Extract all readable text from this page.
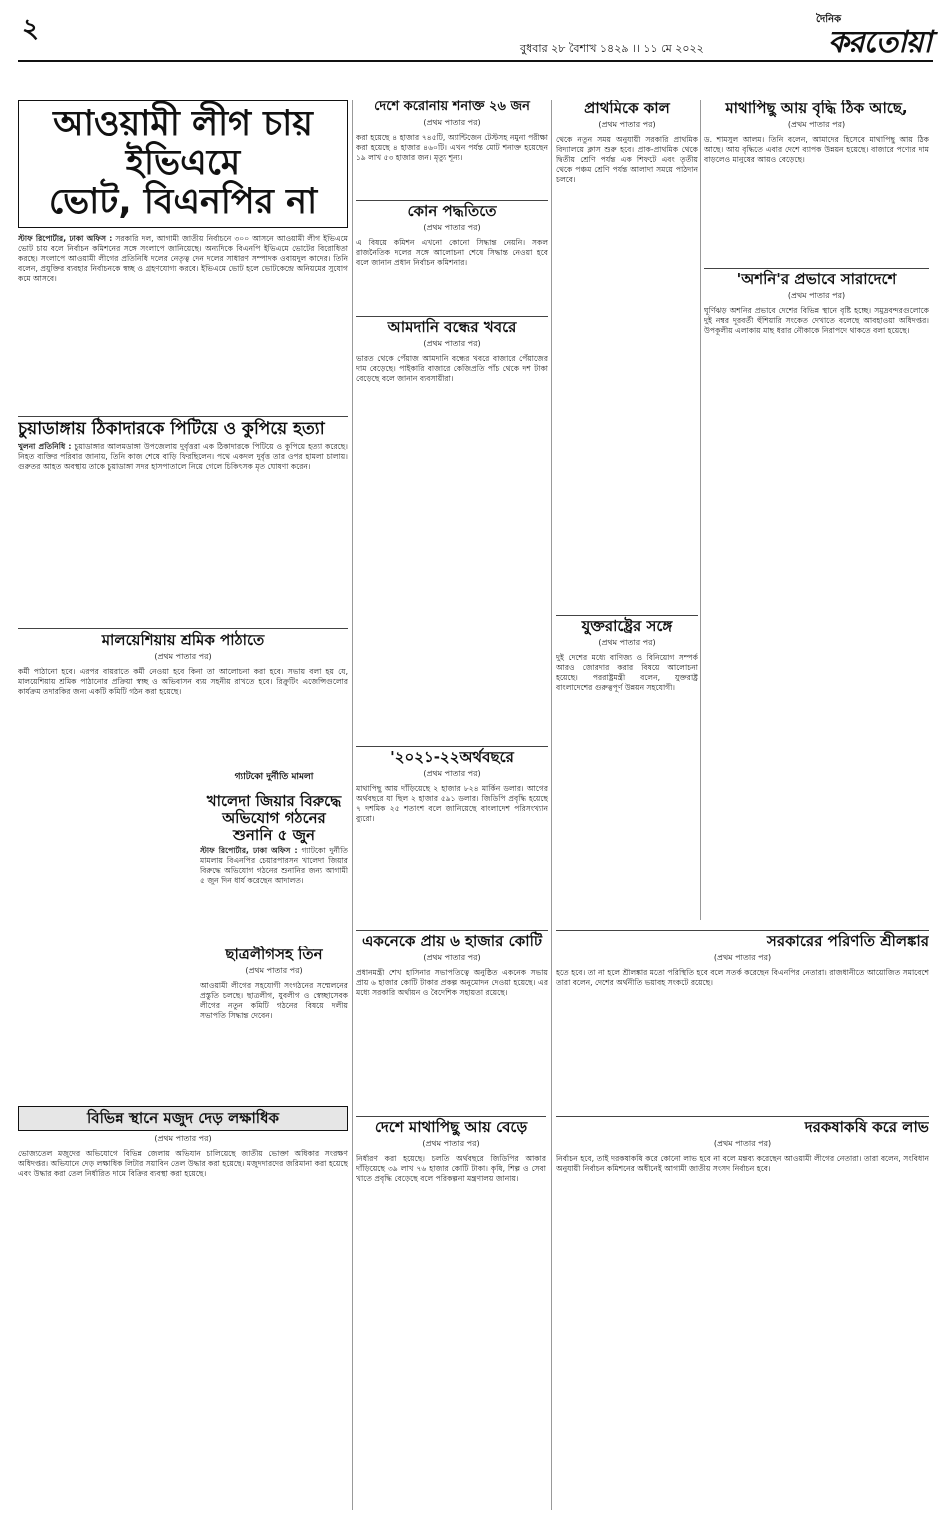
২
বুধবার ২৮ বৈশাখ ১৪২৯ ।। ১১ মে ২০২২
দৈনিক
করতোয়া

আওয়ামী লীগ চায় ইভিএমে

ভোট, বিএনপির না

স্টাফ রিপোর্টার, ঢাকা অফিস : সরকারি দল, আগামী জাতীয় নির্বাচনে ৩০০ আসনে আওয়ামী লীগ ইভিএমে ভোট চায় বলে নির্বাচন কমিশনের সঙ্গে সংলাপে জানিয়েছে। অন্যদিকে বিএনপি ইভিএমে ভোটের বিরোধিতা করছে। সংলাপে আওয়ামী লীগের প্রতিনিধি দলের নেতৃত্ব দেন দলের সাধারণ সম্পাদক ওবায়দুল কাদের। তিনি বলেন, প্রযুক্তির ব্যবহার নির্বাচনকে স্বচ্ছ ও গ্রহণযোগ্য করবে। ইভিএমে ভোট হলে ভোটকেন্দ্রে অনিয়মের সুযোগ কমে আসবে।

চুয়াডাঙ্গায় ঠিকাদারকে পিটিয়ে ও কুপিয়ে হত্যা

খুলনা প্রতিনিধি : চুয়াডাঙ্গার আলমডাঙ্গা উপজেলায় দুর্বৃত্তরা এক ঠিকাদারকে পিটিয়ে ও কুপিয়ে হত্যা করেছে। নিহত ব্যক্তির পরিবার জানায়, তিনি কাজ শেষে বাড়ি ফিরছিলেন। পথে একদল দুর্বৃত্ত তার ওপর হামলা চালায়। গুরুতর আহত অবস্থায় তাকে চুয়াডাঙ্গা সদর হাসপাতালে নিয়ে গেলে চিকিৎসক মৃত ঘোষণা করেন।

মালয়েশিয়ায় শ্রমিক পাঠাতে

(প্রথম পাতার পর)

কর্মী পাঠানো হবে। এরপর বায়রাতে কর্মী নেওয়া হবে কিনা তা আলোচনা করা হবে। সভায় বলা হয় যে, মালয়েশিয়ায় শ্রমিক পাঠানোর প্রক্রিয়া স্বচ্ছ ও অভিবাসন ব্যয় সহনীয় রাখতে হবে। রিক্রুটিং এজেন্সিগুলোর কার্যক্রম তদারকির জন্য একটি কমিটি গঠন করা হয়েছে।

গ্যাটকো দুর্নীতি মামলা

খালেদা জিয়ার বিরুদ্ধে অভিযোগ গঠনের শুনানি ৫ জুন

স্টাফ রিপোর্টার, ঢাকা অফিস : গ্যাটকো দুর্নীতি মামলায় বিএনপির চেয়ারপারসন খালেদা জিয়ার বিরুদ্ধে অভিযোগ গঠনের শুনানির জন্য আগামী ৫ জুন দিন ধার্য করেছেন আদালত।

ছাত্রলীগসহ তিন

(প্রথম পাতার পর)

আওয়ামী লীগের সহযোগী সংগঠনের সম্মেলনের প্রস্তুতি চলছে। ছাত্রলীগ, যুবলীগ ও স্বেচ্ছাসেবক লীগের নতুন কমিটি গঠনের বিষয়ে দলীয় সভাপতি সিদ্ধান্ত দেবেন।

বিভিন্ন স্থানে মজুদ দেড় লক্ষাধিক

(প্রথম পাতার পর)

ভোজ্যতেল মজুদের অভিযোগে বিভিন্ন জেলায় অভিযান চালিয়েছে জাতীয় ভোক্তা অধিকার সংরক্ষণ অধিদপ্তর। অভিযানে দেড় লক্ষাধিক লিটার সয়াবিন তেল উদ্ধার করা হয়েছে। মজুদদারদের জরিমানা করা হয়েছে এবং উদ্ধার করা তেল নির্ধারিত দামে বিক্রির ব্যবস্থা করা হয়েছে।

দেশে করোনায় শনাক্ত ২৬ জন

(প্রথম পাতার পর)

করা হয়েছে ৪ হাজার ৭৪৫টি, অ্যান্টিজেন টেস্টসহ নমুনা পরীক্ষা করা হয়েছে ৪ হাজার ৪৬০টি। এখন পর্যন্ত মোট শনাক্ত হয়েছেন ১৯ লাখ ৫৩ হাজার জন। মৃত্যু শূন্য।

কোন পদ্ধতিতে

(প্রথম পাতার পর)

এ বিষয়ে কমিশন এখনো কোনো সিদ্ধান্ত নেয়নি। সকল রাজনৈতিক দলের সঙ্গে আলোচনা শেষে সিদ্ধান্ত নেওয়া হবে বলে জানান প্রধান নির্বাচন কমিশনার।

আমদানি বন্ধের খবরে

(প্রথম পাতার পর)

ভারত থেকে পেঁয়াজ আমদানি বন্ধের খবরে বাজারে পেঁয়াজের দাম বেড়েছে। পাইকারি বাজারে কেজিপ্রতি পাঁচ থেকে দশ টাকা বেড়েছে বলে জানান ব্যবসায়ীরা।

'২০২১-২২অর্থবছরে

(প্রথম পাতার পর)

মাথাপিছু আয় দাঁড়িয়েছে ২ হাজার ৮২৪ মার্কিন ডলার। আগের অর্থবছরে যা ছিল ২ হাজার ৫৯১ ডলার। জিডিপি প্রবৃদ্ধি হয়েছে ৭ দশমিক ২৫ শতাংশ বলে জানিয়েছে বাংলাদেশ পরিসংখ্যান ব্যুরো।

একনেকে প্রায় ৬ হাজার কোটি

(প্রথম পাতার পর)

প্রধানমন্ত্রী শেখ হাসিনার সভাপতিত্বে অনুষ্ঠিত একনেক সভায় প্রায় ৬ হাজার কোটি টাকার প্রকল্প অনুমোদন দেওয়া হয়েছে। এর মধ্যে সরকারি অর্থায়ন ও বৈদেশিক সহায়তা রয়েছে।

দেশে মাথাপিছু আয় বেড়ে

(প্রথম পাতার পর)

নির্ধারণ করা হয়েছে। চলতি অর্থবছরে জিডিপির আকার দাঁড়িয়েছে ৩৯ লাখ ৭৬ হাজার কোটি টাকা। কৃষি, শিল্প ও সেবা খাতে প্রবৃদ্ধি বেড়েছে বলে পরিকল্পনা মন্ত্রণালয় জানায়।

প্রাথমিকে কাল

(প্রথম পাতার পর)

থেকে নতুন সময় অনুযায়ী সরকারি প্রাথমিক বিদ্যালয়ে ক্লাস শুরু হবে। প্রাক-প্রাথমিক থেকে দ্বিতীয় শ্রেণি পর্যন্ত এক শিফটে এবং তৃতীয় থেকে পঞ্চম শ্রেণি পর্যন্ত আলাদা সময়ে পাঠদান চলবে।

যুক্তরাষ্ট্রের সঙ্গে

(প্রথম পাতার পর)

দুই দেশের মধ্যে বাণিজ্য ও বিনিয়োগ সম্পর্ক আরও জোরদার করার বিষয়ে আলোচনা হয়েছে। পররাষ্ট্রমন্ত্রী বলেন, যুক্তরাষ্ট্র বাংলাদেশের গুরুত্বপূর্ণ উন্নয়ন সহযোগী।

মাথাপিছু আয় বৃদ্ধি ঠিক আছে,

(প্রথম পাতার পর)

ড. শামসুল আলম। তিনি বলেন, আমাদের হিসেবে মাথাপিছু আয় ঠিক আছে। আয় বৃদ্ধিতে এবার দেশে ব্যাপক উন্নয়ন হয়েছে। বাজারে পণ্যের দাম বাড়লেও মানুষের আয়ও বেড়েছে।

'অশনি'র প্রভাবে সারাদেশে

(প্রথম পাতার পর)

ঘূর্ণিঝড় অশনির প্রভাবে দেশের বিভিন্ন স্থানে বৃষ্টি হচ্ছে। সমুদ্রবন্দরগুলোকে দুই নম্বর দূরবর্তী হুঁশিয়ারি সংকেত দেখাতে বলেছে আবহাওয়া অধিদপ্তর। উপকূলীয় এলাকায় মাছ ধরার নৌকাকে নিরাপদে থাকতে বলা হয়েছে।

সরকারের পরিণতি শ্রীলঙ্কার

(প্রথম পাতার পর)

হতে হবে। তা না হলে শ্রীলঙ্কার মতো পরিস্থিতি হবে বলে সতর্ক করেছেন বিএনপির নেতারা। রাজধানীতে আয়োজিত সমাবেশে তারা বলেন, দেশের অর্থনীতি ভয়াবহ সংকটে রয়েছে।

দরকষাকষি করে লাভ

(প্রথম পাতার পর)

নির্বাচন হবে, তাই দরকষাকষি করে কোনো লাভ হবে না বলে মন্তব্য করেছেন আওয়ামী লীগের নেতারা। তারা বলেন, সংবিধান অনুযায়ী নির্বাচন কমিশনের অধীনেই আগামী জাতীয় সংসদ নির্বাচন হবে।
